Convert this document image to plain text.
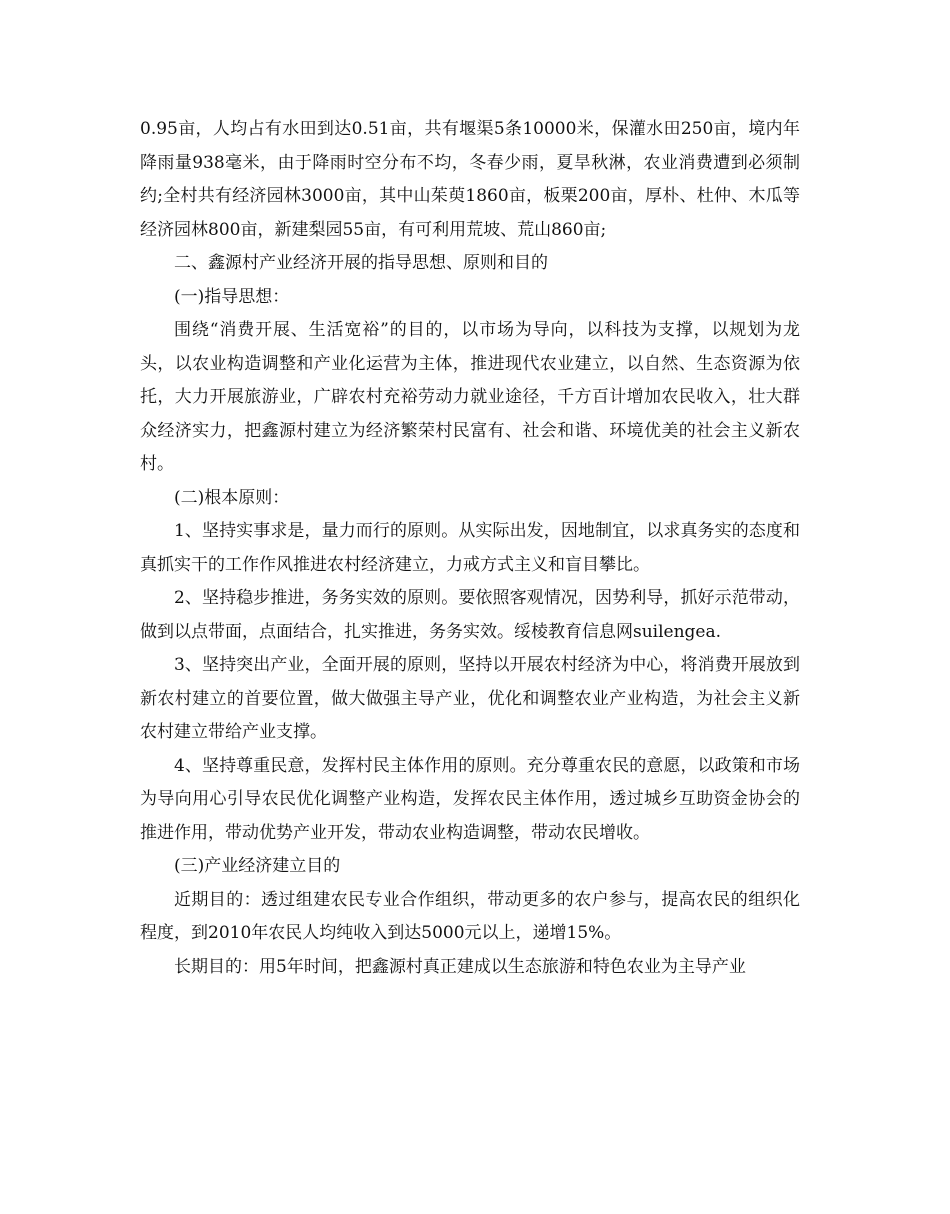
0.95亩，人均占有水田到达0.51亩，共有堰渠5条10000米，保灌水田250亩，境内年降雨量938毫米，由于降雨时空分布不均，冬春少雨，夏旱秋淋，农业消费遭到必须制约;全村共有经济园林3000亩，其中山茱萸1860亩，板栗200亩，厚朴、杜仲、木瓜等经济园林800亩，新建梨园55亩，有可利用荒坡、荒山860亩;

二、鑫源村产业经济开展的指导思想、原则和目的

(一)指导思想：

围绕“消费开展、生活宽裕”的目的，以市场为导向，以科技为支撑，以规划为龙头，以农业构造调整和产业化运营为主体，推进现代农业建立，以自然、生态资源为依托，大力开展旅游业，广辟农村充裕劳动力就业途径，千方百计增加农民收入，壮大群众经济实力，把鑫源村建立为经济繁荣村民富有、社会和谐、环境优美的社会主义新农村。

(二)根本原则：

1、坚持实事求是，量力而行的原则。从实际出发，因地制宜，以求真务实的态度和真抓实干的工作作风推进农村经济建立，力戒方式主义和盲目攀比。

2、坚持稳步推进，务务实效的原则。要依照客观情况，因势利导，抓好示范带动，做到以点带面，点面结合，扎实推进，务务实效。绥棱教育信息网suilengea.

3、坚持突出产业，全面开展的原则，坚持以开展农村经济为中心，将消费开展放到新农村建立的首要位置，做大做强主导产业，优化和调整农业产业构造，为社会主义新农村建立带给产业支撑。

4、坚持尊重民意，发挥村民主体作用的原则。充分尊重农民的意愿，以政策和市场为导向用心引导农民优化调整产业构造，发挥农民主体作用，透过城乡互助资金协会的推进作用，带动优势产业开发，带动农业构造调整，带动农民增收。

(三)产业经济建立目的

近期目的：透过组建农民专业合作组织，带动更多的农户参与，提高农民的组织化程度，到2010年农民人均纯收入到达5000元以上，递增15%。

长期目的：用5年时间，把鑫源村真正建成以生态旅游和特色农业为主导产业
